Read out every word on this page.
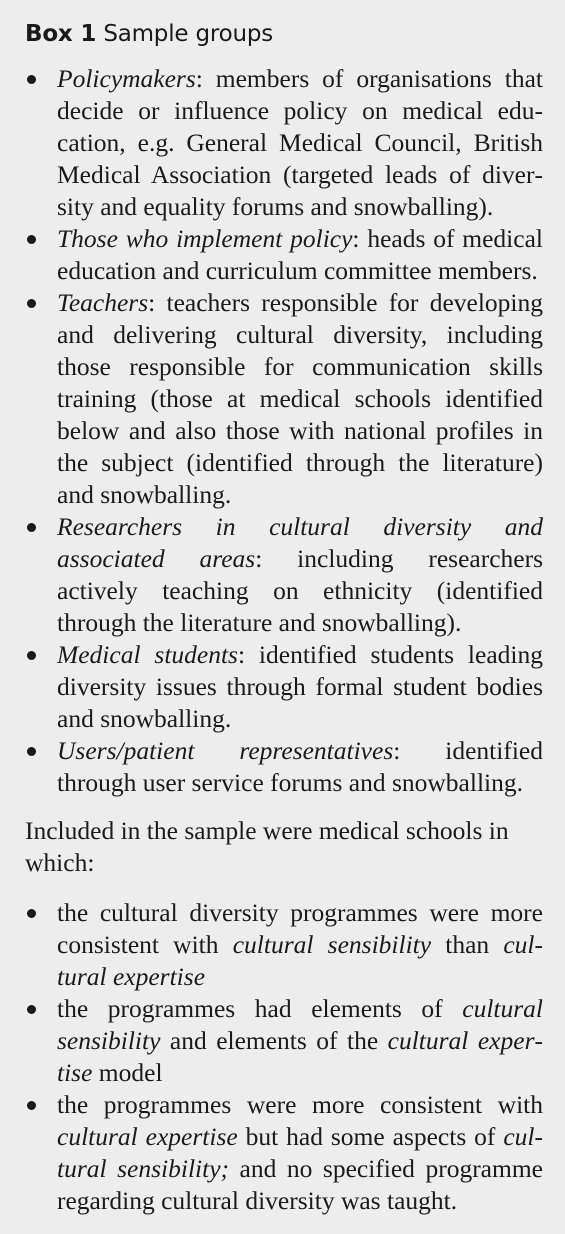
Box 1 Sample groups
Policymakers: members of organisations that decide or influence policy on medical education, e.g. General Medical Council, British Medical Association (targeted leads of diversity and equality forums and snowballing).
Those who implement policy: heads of medical education and curriculum committee members.
Teachers: teachers responsible for developing and delivering cultural diversity, including those responsible for communication skills training (those at medical schools identified below and also those with national profiles in the subject (identified through the literature) and snowballing.
Researchers in cultural diversity and associated areas: including researchers actively teaching on ethnicity (identified through the literature and snowballing).
Medical students: identified students leading diversity issues through formal student bodies and snowballing.
Users/patient representatives: identified through user service forums and snowballing.

Included in the sample were medical schools in which:

the cultural diversity programmes were more consistent with cultural sensibility than cultural expertise
the programmes had elements of cultural sensibility and elements of the cultural expertise model
the programmes were more consistent with cultural expertise but had some aspects of cultural sensibility; and no specified programme regarding cultural diversity was taught.
